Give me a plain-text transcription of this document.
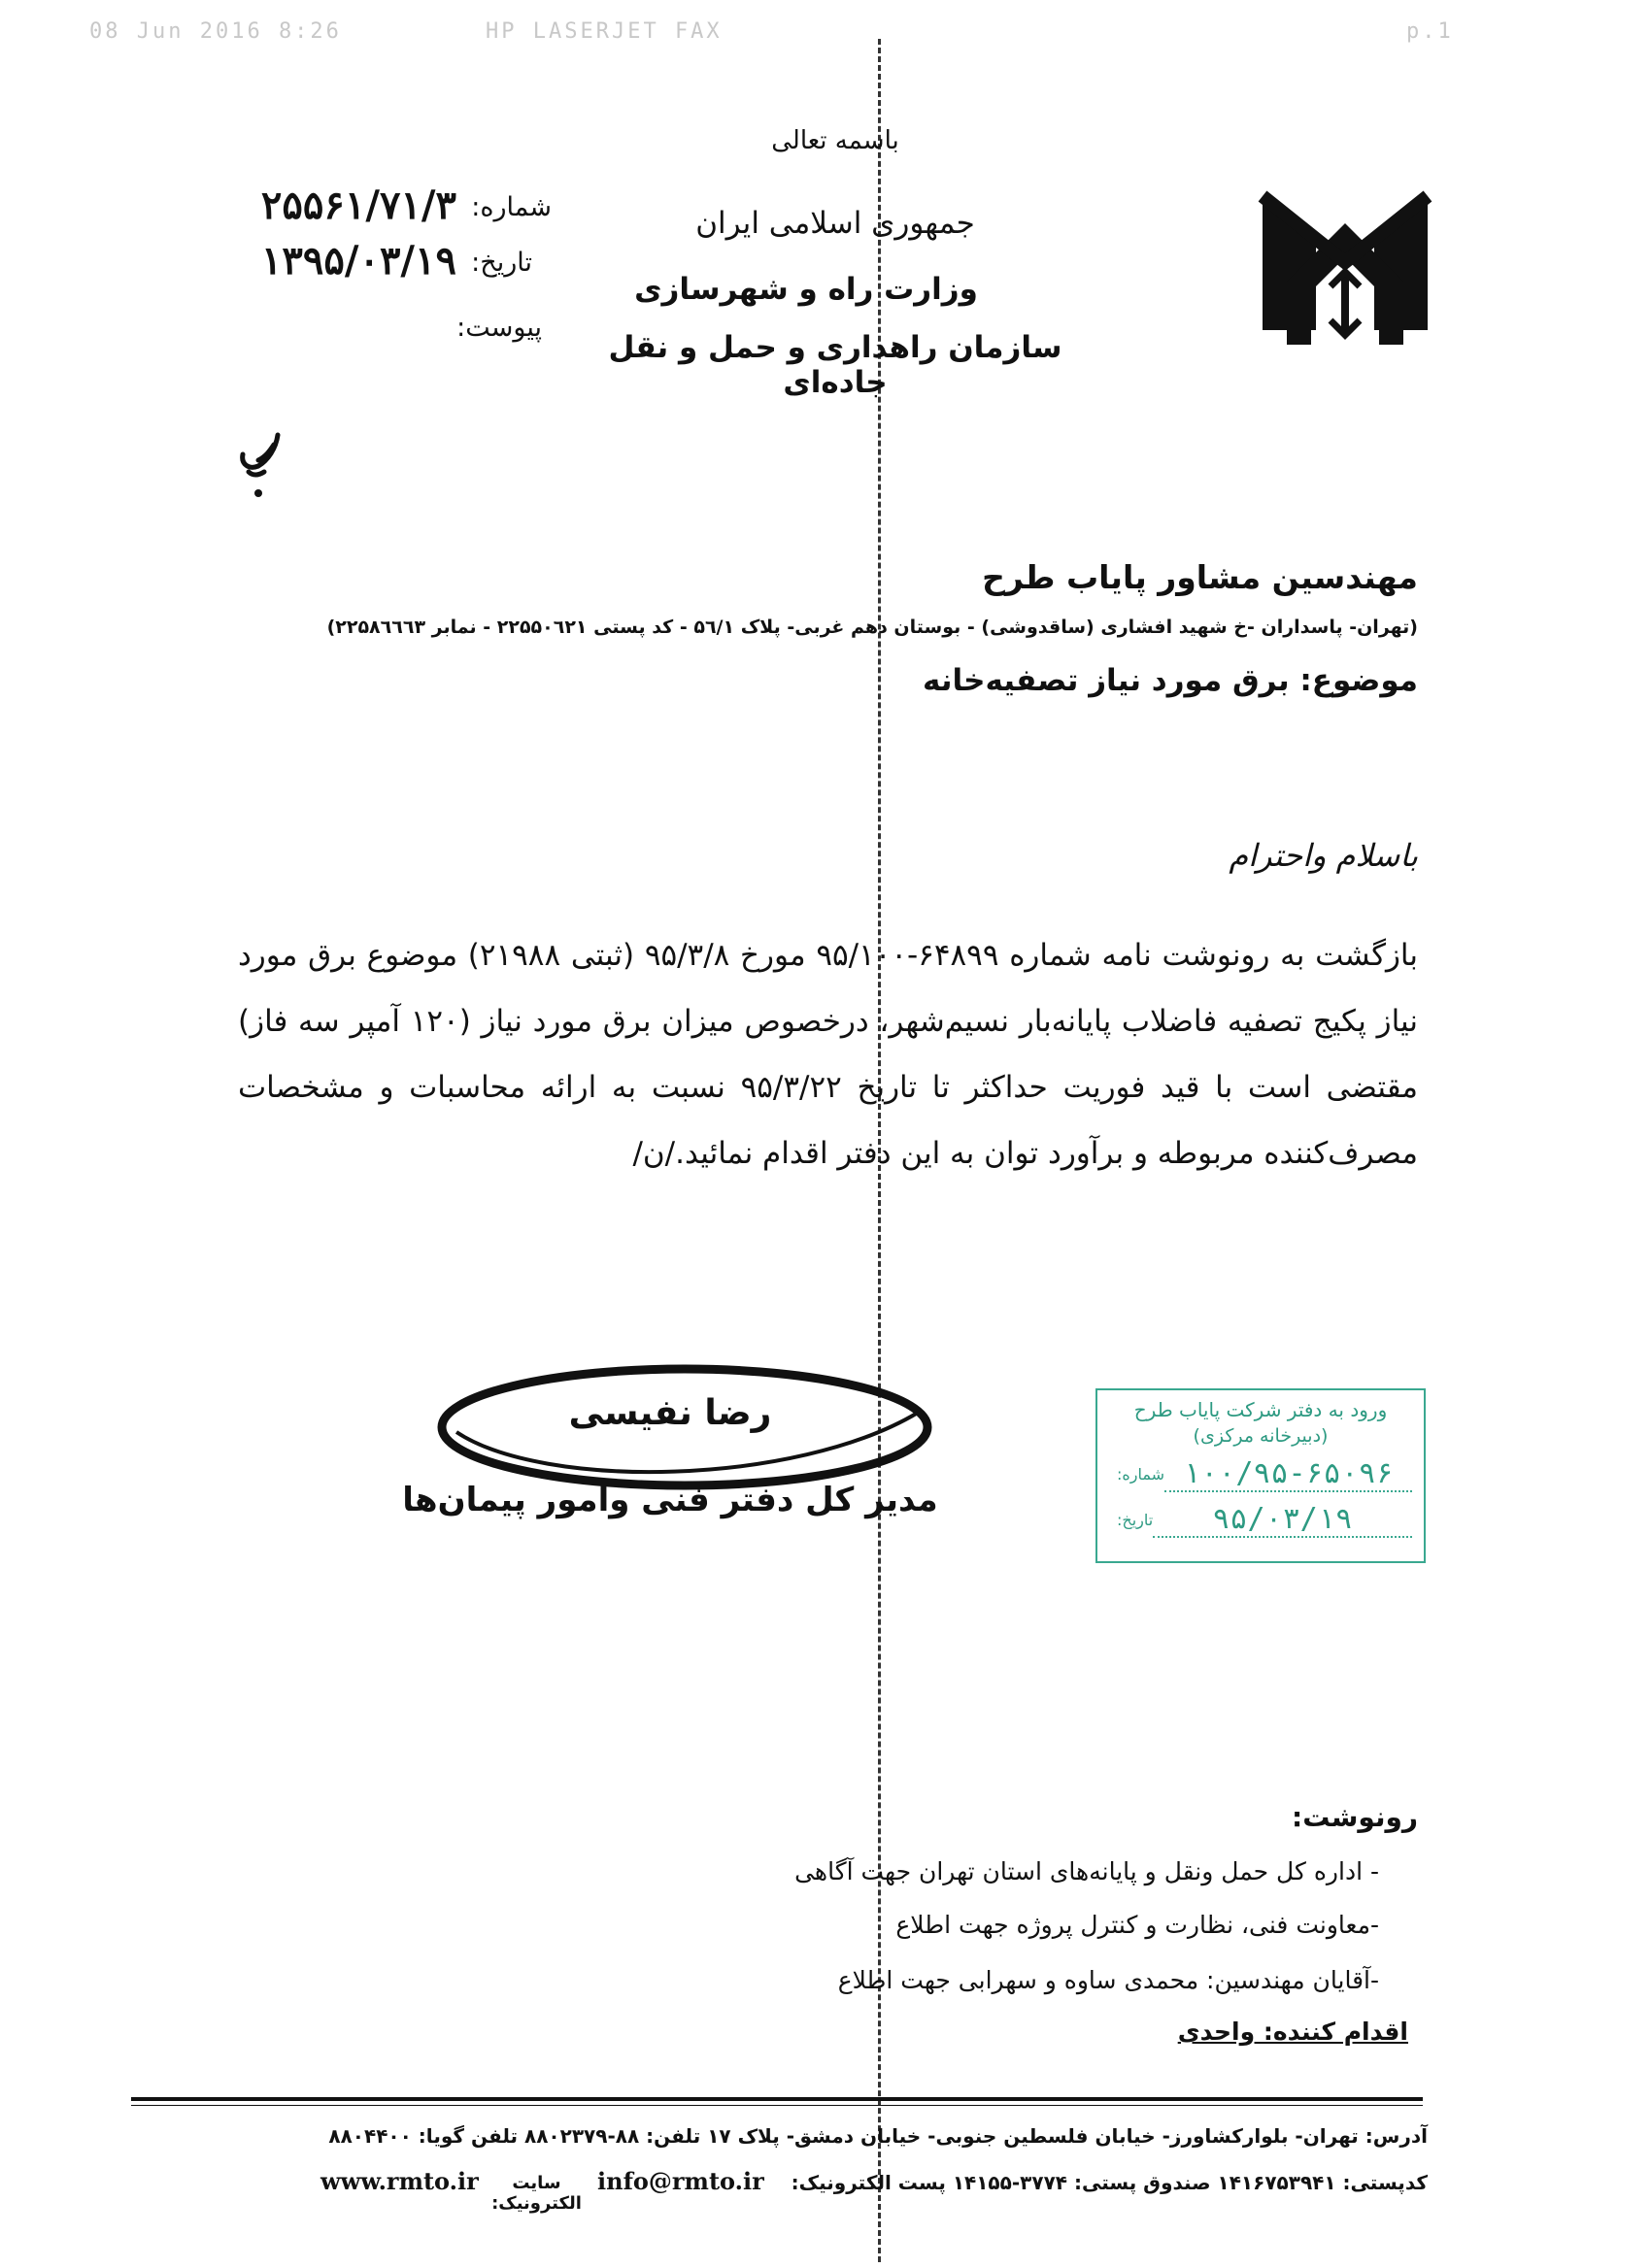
08 Jun 2016 8:26	HP LASERJET FAX	p.1
باسمه تعالی
جمهوری اسلامی ایران
وزارت راه و شهرسازی
سازمان راهداری و حمل و نقل جاده‌ای
شماره:
۲۵۵۶۱/۷۱/۳
تاریخ:
۱۳۹۵/۰۳/۱۹
پیوست:
مهندسین مشاور پایاب طرح
(تهران- پاسداران -خ شهید افشاری (ساقدوشی) - بوستان دهم غربی- پلاک ۵٦/۱ - کد پستی ۲۲۵۵۰٦۲۱ - نمابر ۲۲۵۸٦٦٦۳)
موضوع: برق مورد نیاز تصفیه‌خانه
باسلام واحترام
بازگشت به رونوشت نامه شماره ۶۴۸۹۹-۹۵/۱۰۰ مورخ ۹۵/۳/۸ (ثبتی ۲۱۹۸۸) موضوع برق مورد نیاز پکیج تصفیه فاضلاب پایانه‌بار نسیم‌شهر، درخصوص میزان برق مورد نیاز (۱۲۰ آمپر سه فاز) مقتضی است با قید فوریت حداکثر تا تاریخ ۹۵/۳/۲۲ نسبت به ارائه محاسبات و مشخصات مصرف‌کننده مربوطه و برآورد توان به این دفتر اقدام نمائید./ن/
رضا نفیسی
مدیر کل دفتر فنی وامور پیمان‌ها
ورود به دفتر شرکت پایاب طرح
(دبیرخانه مرکزی)
شماره: ۱۰۰/۹۵-۶۵۰۹۶
تاریخ:	۹۵/۰۳/۱۹
رونوشت:
- اداره کل حمل ونقل و پایانه‌های استان تهران جهت آگاهی
-معاونت فنی، نظارت و کنترل پروژه جهت اطلاع
-آقایان مهندسین: محمدی ساوه و سهرابی جهت اطلاع
اقدام کننده: واحدی
آدرس: تهران- بلوارکشاورز- خیابان فلسطین جنوبی- خیابان دمشق- پلاک ۱۷ تلفن: ۸۸-۸۸۰۲۳۷۹ تلفن گویا: ۸۸۰۴۴۰۰
کدپستی: ۱۴۱۶۷۵۳۹۴۱ صندوق پستی: ۳۷۷۴-۱۴۱۵۵ پست الکترونیک:
info@rmto.ir
www.rmto.ir	سایت الکترونیک:
